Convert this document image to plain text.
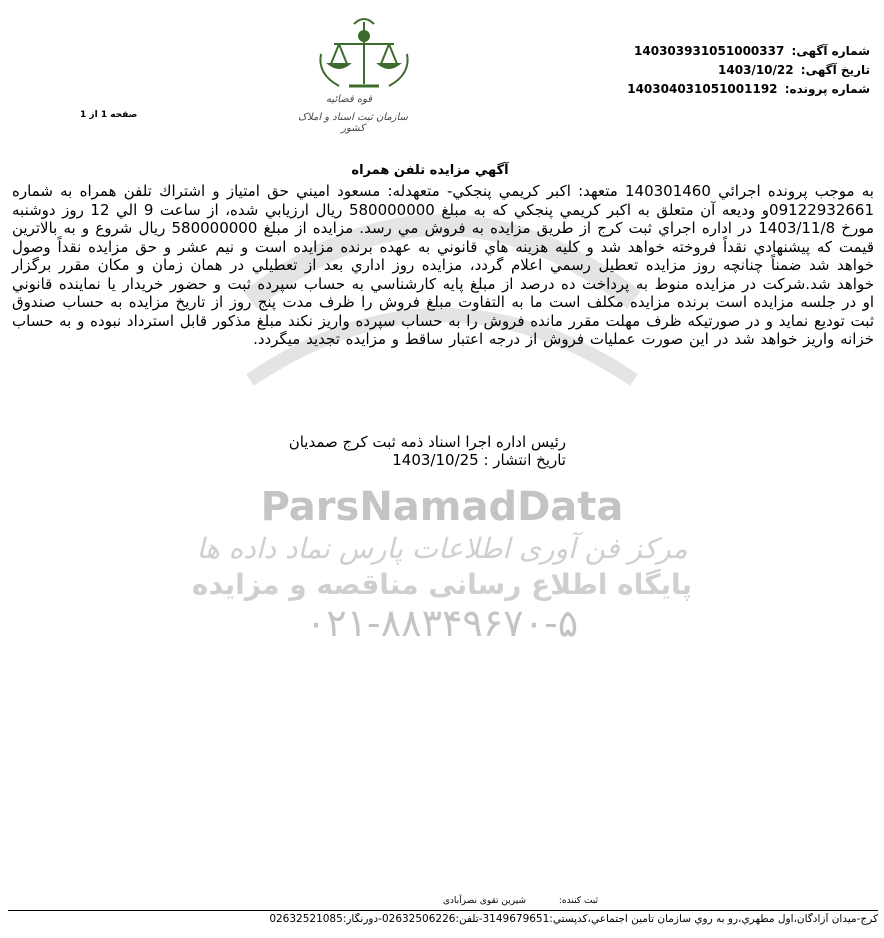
ParsNamadData
مرکز فن آوری اطلاعات پارس نماد داده ها
پایگاه اطلاع رسانی مناقصه و مزایده
۰۲۱-۸۸۳۴۹۶۷۰-۵
شماره آگهی: 140303931051000337
تاریخ آگهی: 1403/10/22
شماره پرونده: 140304031051001192
قوه قضائیه
سازمان ثبت اسناد و املاک کشور
صفحه 1 از 1
آگهي مزايده تلفن همراه
به موجب پرونده اجرائي 140301460 متعهد: اكبر كريمي پنجكي- متعهدله: مسعود اميني حق امتياز و اشتراك تلفن همراه به شماره 09122932661و وديعه آن متعلق به اكبر كريمي پنجكي كه به مبلغ 580000000 ريال ارزيابي شده، از ساعت 9 الي 12 روز دوشنبه مورخ 1403/11/8 در اداره اجراي ثبت كرج از طريق مزايده به فروش مي رسد. مزايده از مبلغ 580000000 ريال شروع و به بالاترين قيمت كه پيشنهادي نقداً فروخته خواهد شد و كليه هزينه هاي قانوني به عهده برنده مزايده است و نيم عشر و حق مزايده نقداً وصول خواهد شد ضمناً چنانچه روز مزايده تعطيل رسمي اعلام گردد، مزايده روز اداري بعد از تعطيلي در همان زمان و مكان مقرر برگزار خواهد شد.شركت در مزايده منوط به پرداخت ده درصد از مبلغ پايه كارشناسي به حساب سپرده ثبت و حضور خريدار يا نماينده قانوني او در جلسه مزايده است برنده مزايده مكلف است ما به التفاوت مبلغ فروش را ظرف مدت پنج روز از تاريخ مزايده به حساب صندوق ثبت توديع نمايد و در صورتيكه ظرف مهلت مقرر مانده فروش را به حساب سپرده واريز نكند مبلغ مذكور قابل استرداد نبوده و به حساب خزانه واريز خواهد شد در اين صورت عمليات فروش از درجه اعتبار ساقط و مزايده تجديد ميگردد.
رئيس اداره اجرا اسناد ذمه ثبت كرج صمديان
تاريخ انتشار : 1403/10/25
ثبت كننده: شیرین تقوی نصرآبادی
كرج-ميدان آزادگان،اول مطهري،رو به روي سازمان تامين اجتماعي،كدپستي:3149679651-تلفن:02632506226-دورنگار:02632521085
